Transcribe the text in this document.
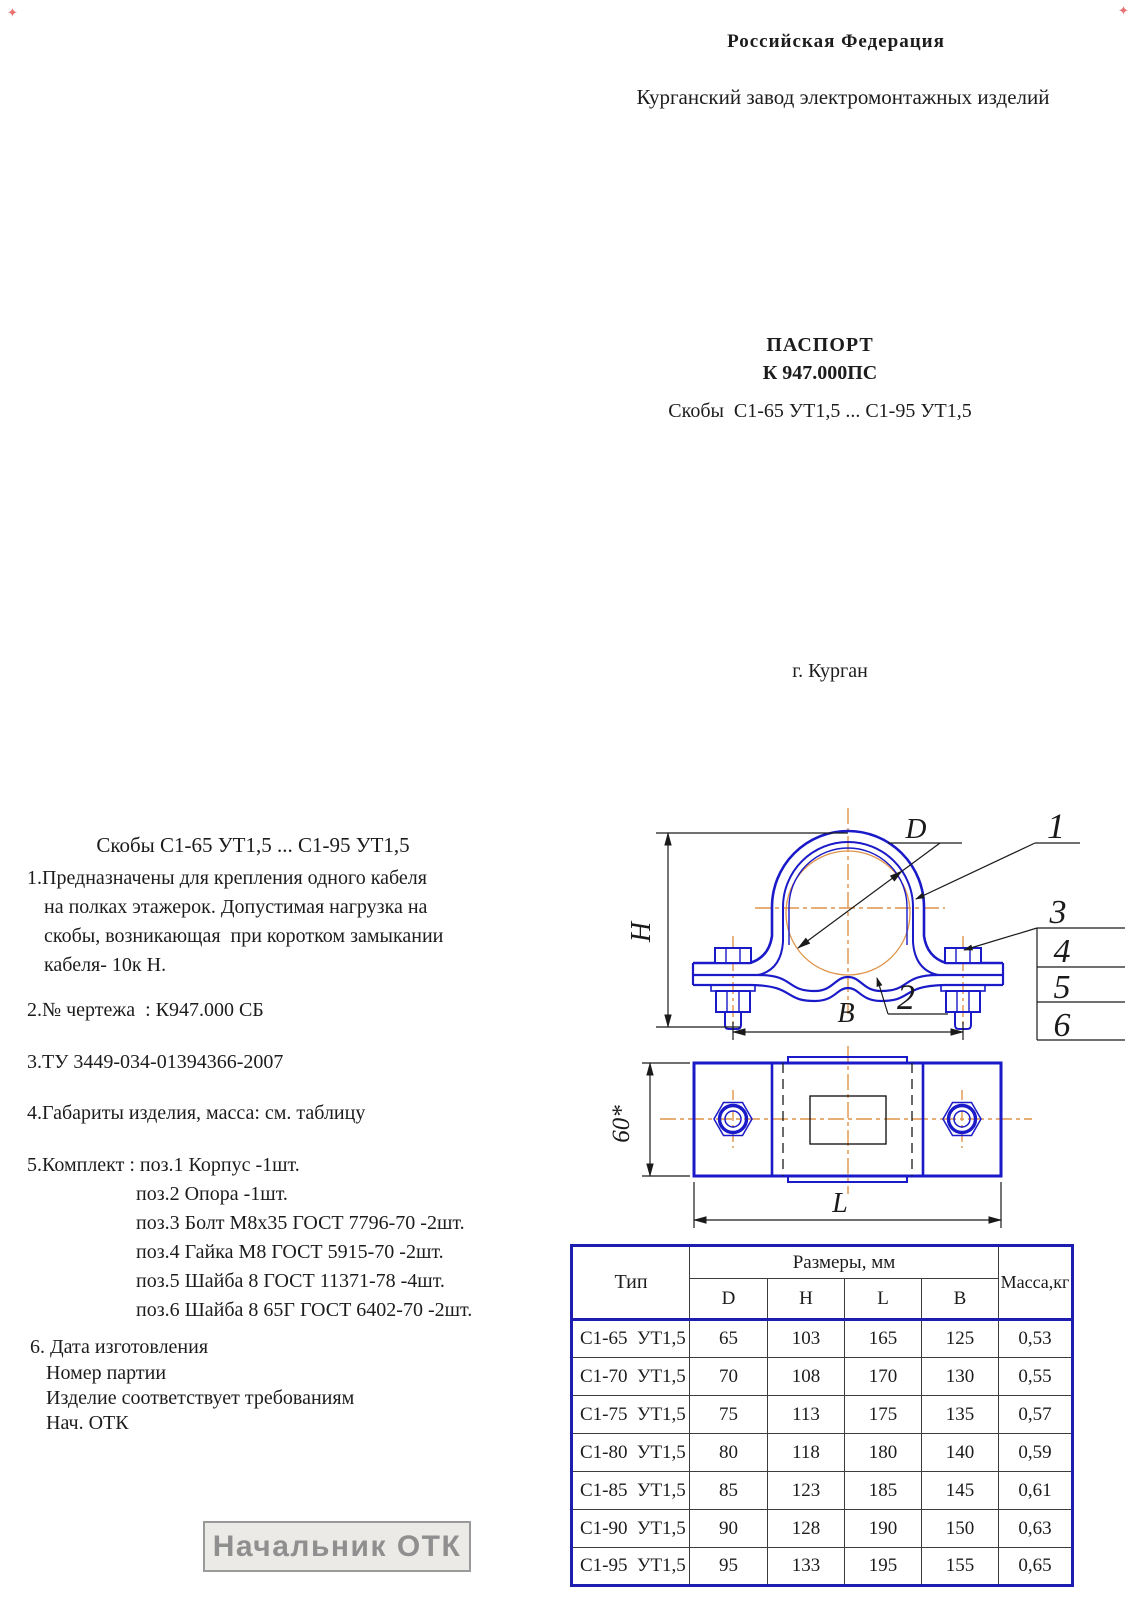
✦	✦
Российская Федерация
Курганский завод электромонтажных изделий
ПАСПОРТ
К 947.000ПС
Скобы  С1-65 УТ1,5 ... С1-95 УТ1,5
г. Курган
Скобы С1-65 УТ1,5 ... С1-95 УТ1,5
1.Предназначены для крепления одного кабеля
на полках этажерок. Допустимая нагрузка на
скобы, возникающая  при коротком замыкании
кабеля- 10к Н.
2.№ чертежа  : К947.000 СБ
3.ТУ 3449-034-01394366-2007
4.Габариты изделия, масса: см. таблицу
5.Комплект : поз.1 Корпус -1шт.
поз.2 Опора -1шт.
поз.3 Болт М8х35 ГОСТ 7796-70 -2шт.
поз.4 Гайка М8 ГОСТ 5915-70 -2шт.
поз.5 Шайба 8 ГОСТ 11371-78 -4шт.
поз.6 Шайба 8 65Г ГОСТ 6402-70 -2шт.
6. Дата изготовления
Номер партии
Изделие соответствует требованиям
Нач. ОТК
Начальник ОТК
D
H
B
60*
L
1
2
3
4
5
6
Тип	Размеры, мм				Масса,кг
	D	H	L	B	
С1-65  УТ1,5	65	103	165	125	0,53
С1-70  УТ1,5	70	108	170	130	0,55
С1-75  УТ1,5	75	113	175	135	0,57
С1-80  УТ1,5	80	118	180	140	0,59
С1-85  УТ1,5	85	123	185	145	0,61
С1-90  УТ1,5	90	128	190	150	0,63
С1-95  УТ1,5	95	133	195	155	0,65
